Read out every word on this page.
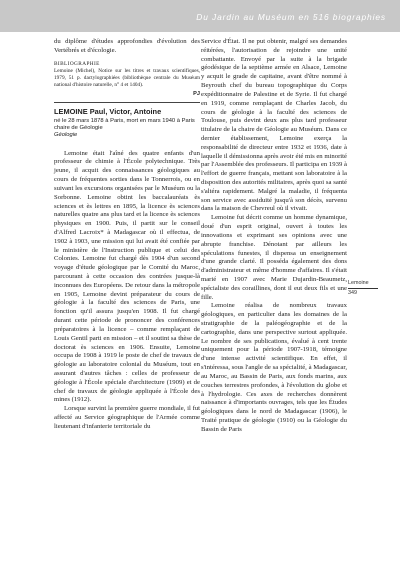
Du Jardin au Muséum en 516 biographies

du diplôme d'études approfondies d'évolution des Vertébrés et d'écologie.

BIBLIOGRAPHIE

Lemoine (Michel), Notice sur les titres et travaux scientifiques, 1979, 51 p. dactylographiées (bibliothèque centrale du Muséum national d'histoire naturelle, n° 4 et 1404).

PJ

LEMOINE Paul, Victor, Antoine

né le 28 mars 1878 à Paris, mort en mars 1940 à Paris

chaire de Géologie

Géologie

Lemoine était l'aîné des quatre enfants d'un professeur de chimie à l'École polytechnique. Très jeune, il acquit des connaissances géologiques au cours de fréquentes sorties dans le Tonnerrois, ou en suivant les excursions organisées par le Muséum ou la Sorbonne. Lemoine obtint les baccalauréats ès sciences et ès lettres en 1895, la licence ès sciences naturelles quatre ans plus tard et la licence ès sciences physiques en 1900. Puis, il partit sur le conseil d'Alfred Lacroix* à Madagascar où il effectua, de 1902 à 1903, une mission qui lui avait été confiée par le ministère de l'Instruction publique et celui des Colonies. Lemoine fut chargé dès 1904 d'un second voyage d'étude géologique par le Comité du Maroc, parcourant à cette occasion des contrées jusque-là inconnues des Européens. De retour dans la métropole en 1905, Lemoine devint préparateur du cours de géologie à la faculté des sciences de Paris, une fonction qu'il assura jusqu'en 1908. Il fut chargé durant cette période de prononcer des conférences préparatoires à la licence – comme remplaçant de Louis Gentil parti en mission – et il soutint sa thèse de doctorat ès sciences en 1906. Ensuite, Lemoine occupa de 1908 à 1919 le poste de chef de travaux de géologie au laboratoire colonial du Muséum, tout en assurant d'autres tâches : celles de professeur de géologie à l'École spéciale d'architecture (1909) et de chef de travaux de géologie appliquée à l'École des mines (1912).

Lorsque survint la première guerre mondiale, il fut affecté au Service géographique de l'Armée comme lieutenant d'infanterie territoriale du

Service d'État. Il ne put obtenir, malgré ses demandes réitérées, l'autorisation de rejoindre une unité combattante. Envoyé par la suite à la brigade géodésique de la septième armée en Alsace, Lemoine y acquit le grade de capitaine, avant d'être nommé à Beyrouth chef du bureau topographique du Corps expéditionnaire de Palestine et de Syrie. Il fut chargé en 1919, comme remplaçant de Charles Jacob, du cours de géologie à la faculté des sciences de Toulouse, puis devint deux ans plus tard professeur titulaire de la chaire de Géologie au Muséum. Dans ce dernier établissement, Lemoine exerça la responsabilité de directeur entre 1932 et 1936, date à laquelle il démissionna après avoir été mis en minorité par l'Assemblée des professeurs. Il participa en 1939 à l'effort de guerre français, mettant son laboratoire à la disposition des autorités militaires, après quoi sa santé s'altéra rapidement. Malgré la maladie, il fréquenta son service avec assiduité jusqu'à son décès, survenu dans la maison de Chevreul où il vivait.

Lemoine fut décrit comme un homme dynamique, doué d'un esprit original, ouvert à toutes les innovations et exprimant ses opinions avec une abrupte franchise. Dénotant par ailleurs les spéculations funestes, il dispensa un enseignement d'une grande clarté. Il posséda également des dons d'administrateur et même d'homme d'affaires. Il s'était marié en 1907 avec Marie Dujardin-Beaumetz, spécialiste des coraillines, dont il eut deux fils et une fille.

Lemoine réalisa de nombreux travaux géologiques, en particulier dans les domaines de la stratigraphie de la paléogéographie et de la cartographie, dans une perspective surtout appliquée. Le nombre de ses publications, évalué à cent trente uniquement pour la période 1907-1918, témoigne d'une intense activité scientifique. En effet, il s'intéressa, sous l'angle de sa spécialité, à Madagascar, au Maroc, au Bassin de Paris, aux fonds marins, aux couches terrestres profondes, à l'évolution du globe et à l'hydrologie. Ces axes de recherches donnèrent naissance à d'importants ouvrages, tels que les Études géologiques dans le nord de Madagascar (1906), le Traité pratique de géologie (1910) ou la Géologie du Bassin de Paris

Lemoine
349
